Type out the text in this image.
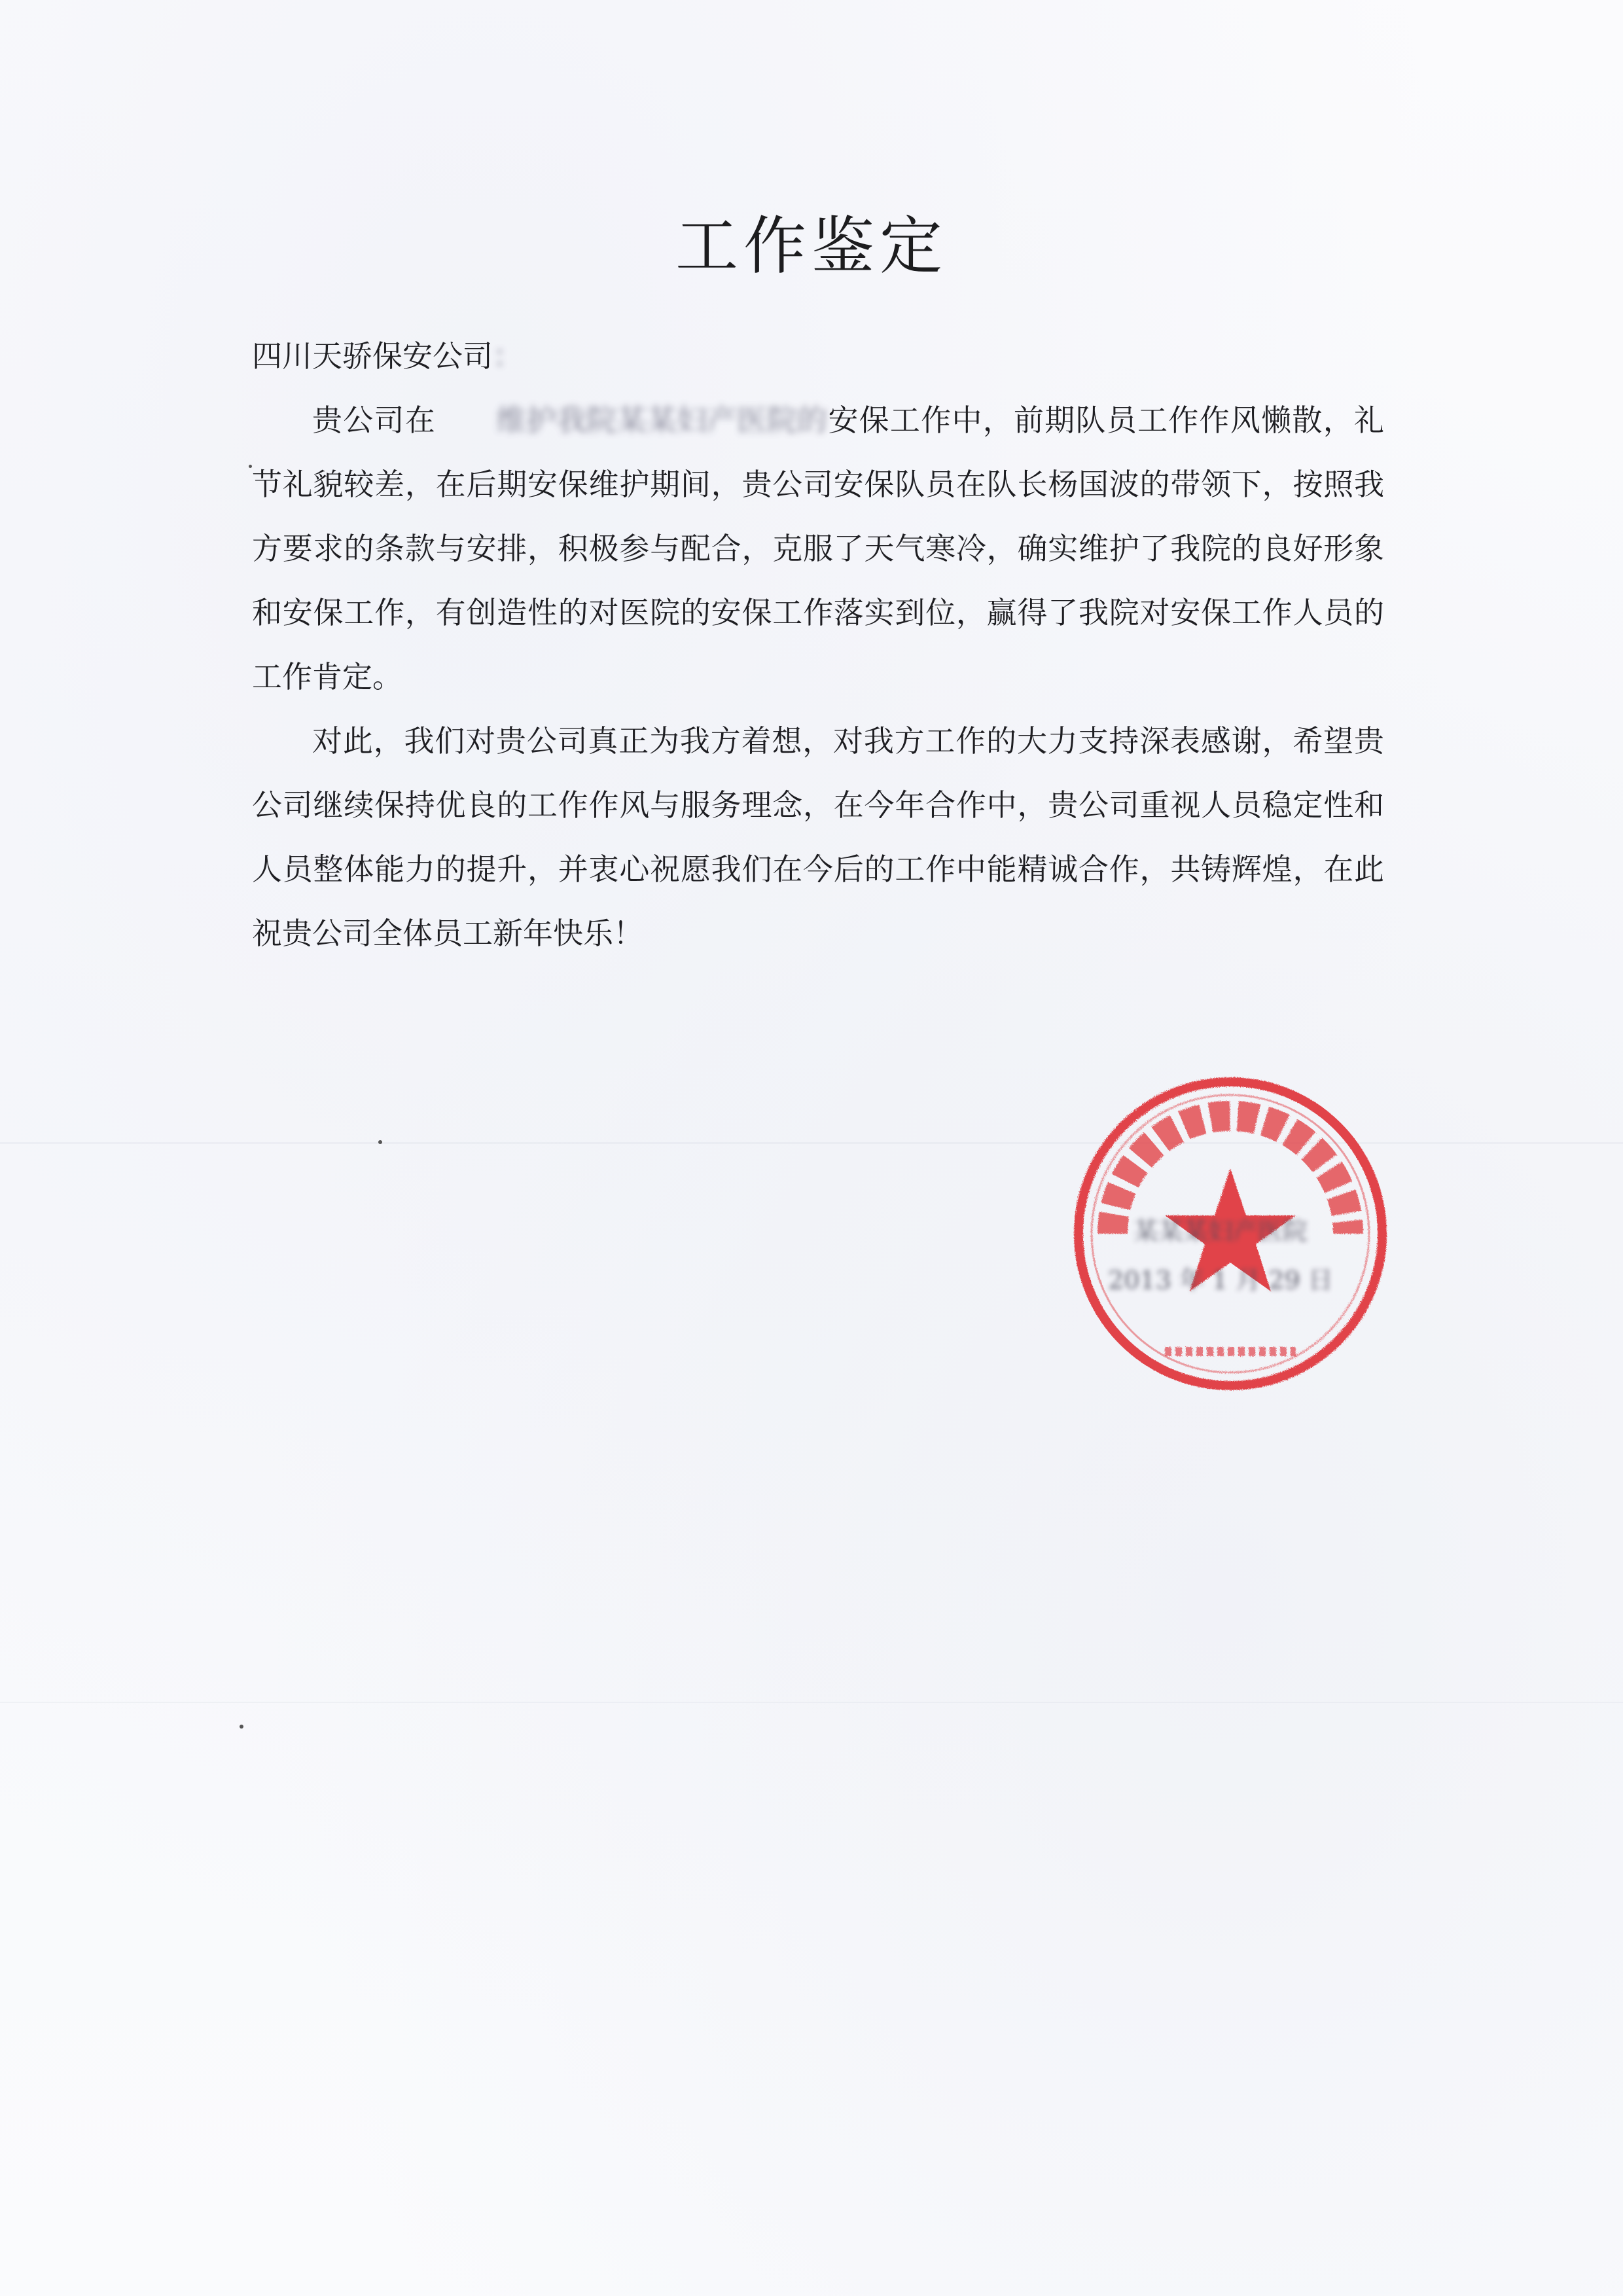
工作鉴定

四川天骄保安公司：

贵公司在 维护我院某某妇产医院的安保工作中，前期队员工作作风懒散，礼节礼貌较差，在后期安保维护期间，贵公司安保队员在队长杨国波的带领下，按照我方要求的条款与安排，积极参与配合，克服了天气寒冷，确实维护了我院的良好形象和安保工作，有创造性的对医院的安保工作落实到位，赢得了我院对安保工作人员的工作肯定。

对此，我们对贵公司真正为我方着想，对我方工作的大力支持深表感谢，希望贵公司继续保持优良的工作作风与服务理念，在今年合作中，贵公司重视人员稳定性和人员整体能力的提升，并衷心祝愿我们在今后的工作中能精诚合作，共铸辉煌，在此祝贵公司全体员工新年快乐！

某某某妇产医院
2013 年 1 月 29 日
